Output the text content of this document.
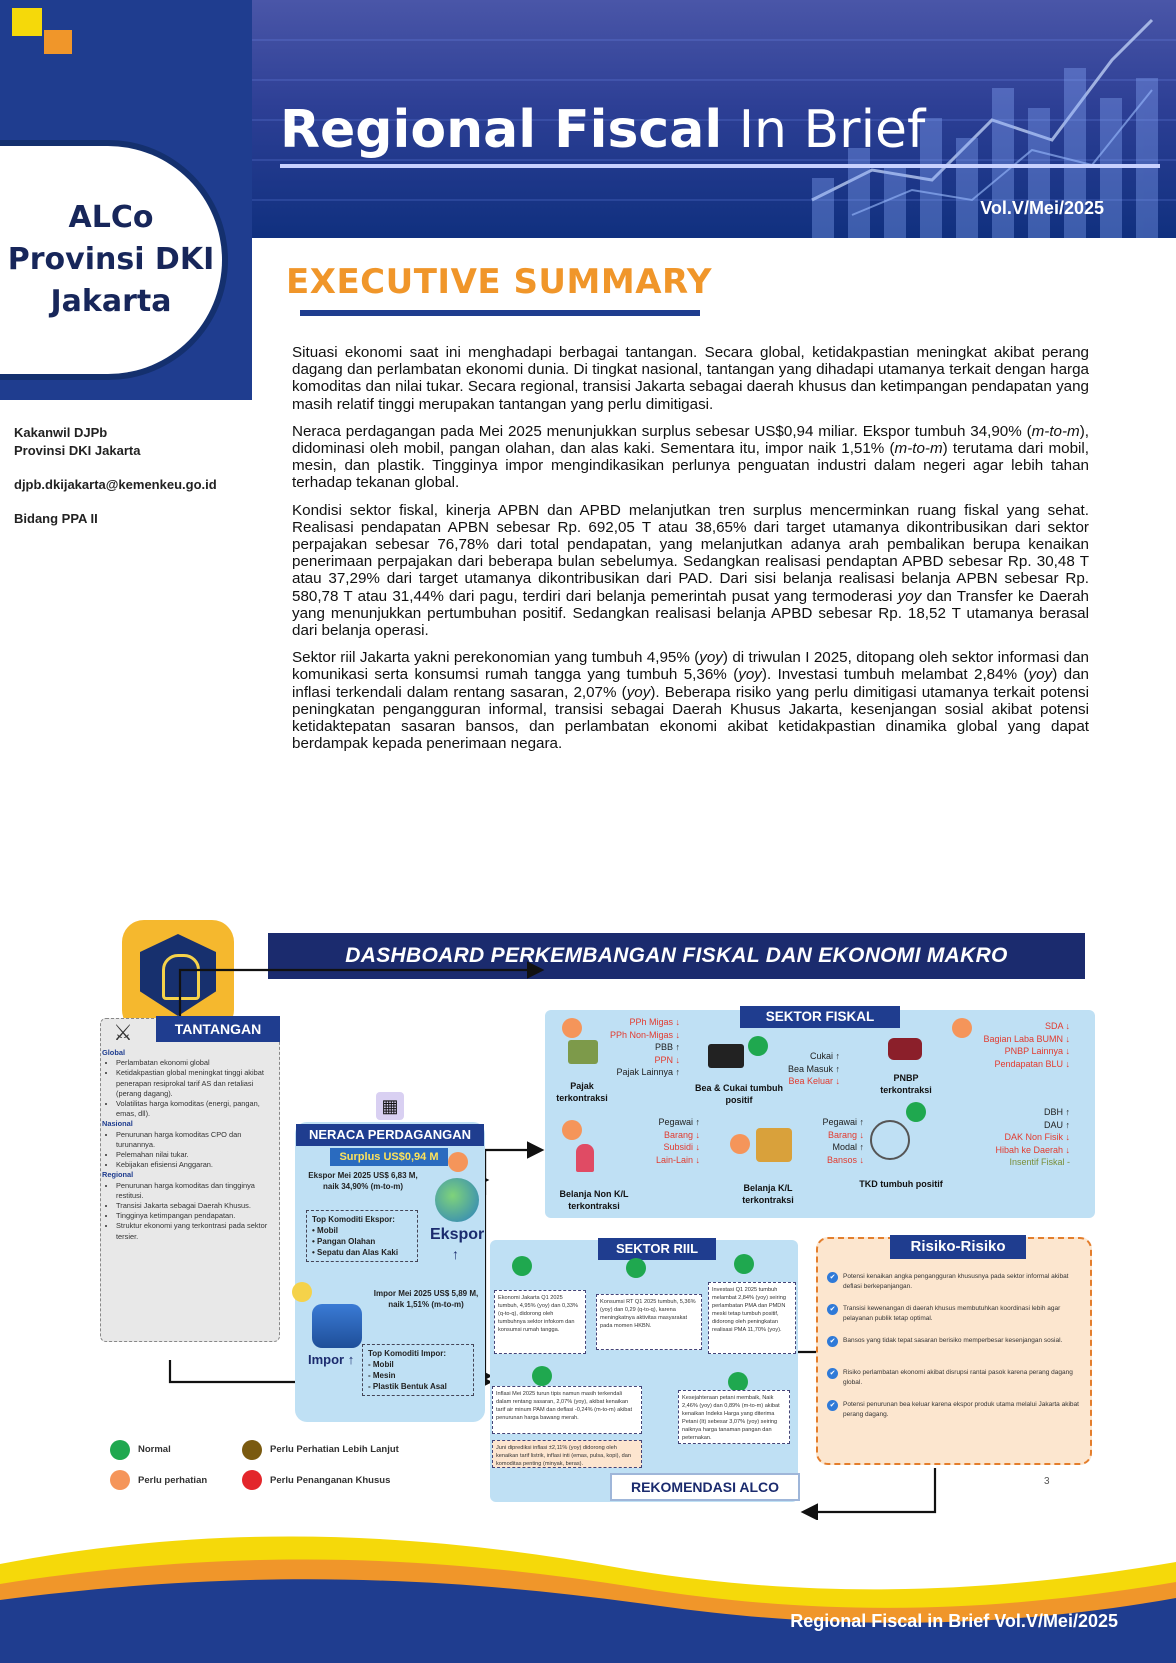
Regional Fiscal In Brief
Vol.V/Mei/2025
ALCo
Provinsi DKI
Jakarta	EXECUTIVE SUMMARY

Kakanwil DJPb
Provinsi DKI Jakarta

djpb.dkijakarta@kemenkeu.go.id

Bidang PPA II

Situasi ekonomi saat ini menghadapi berbagai tantangan. Secara global, ketidakpastian meningkat akibat perang dagang dan perlambatan ekonomi dunia. Di tingkat nasional, tantangan yang dihadapi utamanya terkait dengan harga komoditas dan nilai tukar. Secara regional, transisi Jakarta sebagai daerah khusus dan ketimpangan pendapatan yang masih relatif tinggi merupakan tantangan yang perlu dimitigasi.

Neraca perdagangan pada Mei 2025 menunjukkan surplus sebesar US$0,94 miliar. Ekspor tumbuh 34,90% (m-to-m), didominasi oleh mobil, pangan olahan, dan alas kaki. Sementara itu, impor naik 1,51% (m-to-m) terutama dari mobil, mesin, dan plastik. Tingginya impor mengindikasikan perlunya penguatan industri dalam negeri agar lebih tahan terhadap tekanan global.

Kondisi sektor fiskal, kinerja APBN dan APBD melanjutkan tren surplus mencerminkan ruang fiskal yang sehat. Realisasi pendapatan APBN sebesar Rp. 692,05 T atau 38,65% dari target utamanya dikontribusikan dari sektor perpajakan sebesar 76,78% dari total pendapatan, yang melanjutkan adanya arah pembalikan berupa kenaikan penerimaan perpajakan dari beberapa bulan sebelumya. Sedangkan realisasi pendaptan APBD sebesar Rp. 30,48 T atau 37,29% dari target utamanya dikontribusikan dari PAD. Dari sisi belanja realisasi belanja APBN sebesar Rp. 580,78 T atau 31,44% dari pagu, terdiri dari belanja pemerintah pusat yang termoderasi yoy dan Transfer ke Daerah yang menunjukkan pertumbuhan positif. Sedangkan realisasi belanja APBD sebesar Rp. 18,52 T utamanya berasal dari belanja operasi.

Sektor riil Jakarta yakni perekonomian yang tumbuh 4,95% (yoy) di triwulan I 2025, ditopang oleh sektor informasi dan komunikasi serta konsumsi rumah tangga yang tumbuh 5,36% (yoy). Investasi tumbuh melambat 2,84% (yoy) dan inflasi terkendali dalam rentang sasaran, 2,07% (yoy). Beberapa risiko yang perlu dimitigasi utamanya terkait potensi peningkatan pengangguran informal, transisi sebagai Daerah Khusus Jakarta, kesenjangan sosial akibat potensi ketidaktepatan sasaran bansos, dan perlambatan ekonomi akibat ketidakpastian dinamika global yang dapat berdampak kepada penerimaan negara.

DASHBOARD PERKEMBANGAN FISKAL DAN EKONOMI MAKRO
⚔	TANTANGAN
Global
• Perlambatan ekonomi global
• Ketidakpastian global meningkat tinggi akibat penerapan resiprokal tarif AS dan retaliasi (perang dagang).
• Volatilitas harga komoditas (energi, pangan, emas, dll).
Nasional
• Penurunan harga komoditas CPO dan turunannya.
• Pelemahan nilai tukar.
• Kebijakan efisiensi Anggaran.
Regional
• Penurunan harga komoditas dan tingginya restitusi.
• Transisi Jakarta sebagai Daerah Khusus.
• Tingginya ketimpangan pendapatan.
• Struktur ekonomi yang terkontrasi pada sektor tersier.
▦
NERACA PERDAGANGAN
Surplus US$0,94 M
Ekspor Mei 2025 US$ 6,83 M, naik 34,90% (m-to-m)
Top Komoditi Ekspor:
• Mobil
• Pangan Olahan
• Sepatu dan Alas Kaki
Ekspor
↑
Impor Mei 2025 US$ 5,89 M, naik 1,51% (m-to-m)
Impor ↑ Top Komoditi Impor:
- Mobil
- Mesin
- Plastik Bentuk Asal
SEKTOR FISKAL
PPh Migas ↓
PPh Non-Migas ↓
PBB ↑
PPN ↓
Pajak Lainnya ↑
Pajak terkontraksi
Bea & Cukai tumbuh positif
Cukai ↑
Bea Masuk ↑
Bea Keluar ↓	PNBP terkontraksi
SDA ↓
Bagian Laba BUMN ↓
PNBP Lainnya ↓
Pendapatan BLU ↓
Belanja Non K/L terkontraksi
Pegawai ↑
Barang ↓
Subsidi ↓
Lain-Lain ↓
Belanja K/L terkontraksi
Pegawai ↑
Barang ↓
Modal ↑
Bansos ↓
TKD tumbuh positif
DBH ↑
DAU ↑
DAK Non Fisik ↓
Hibah ke Daerah ↓
Insentif Fiskal -
SEKTOR RIIL
Ekonomi Jakarta Q1 2025 tumbuh, 4,95% (yoy) dan 0,33% (q-to-q), didorong oleh tumbuhnya sektor infokom dan konsumsi rumah tangga.
Konsumsi RT Q1 2025 tumbuh, 5,36% (yoy) dan 0,29 (q-to-q), karena meningkatnya aktivitas masyarakat pada momen HKBN.
Investasi Q1 2025 tumbuh melambat 2,84% (yoy) seiring perlambatan PMA dan PMDN meski tetap tumbuh positif, didorong oleh peningkatan realisasi PMA 11,70% (yoy).
Inflasi Mei 2025 turun tipis namun masih terkendali dalam rentang sasaran, 2,07% (yoy), akibat kenaikan tarif air minum PAM dan deflasi -0,24% (m-to-m) akibat penurunan harga bawang merah.
Kesejahteraan petani membaik, Naik 2,46% (yoy) dan 0,89% (m-to-m) akibat kenaikan Indeks Harga yang diterima Petani (It) sebesar 3,07% (yoy) seiring naiknya harga tanaman pangan dan peternakan.
Juni diprediksi inflasi ±2,11% (yoy) didorong oleh kenaikan tarif listrik, inflasi inti (emas, pulsa, kopi), dan komoditas penting (minyak, beras).
Risiko-Risiko
✔ Potensi kenaikan angka pengangguran khususnya pada sektor informal akibat deflasi berkepanjangan.
✔ Transisi kewenangan di daerah khusus membutuhkan koordinasi lebih agar pelayanan publik tetap optimal.
✔ Bansos yang tidak tepat sasaran berisiko memperbesar kesenjangan sosial.
✔ Risiko perlambatan ekonomi akibat disrupsi rantai pasok karena perang dagang global.
✔ Potensi penurunan bea keluar karena ekspor produk utama melalui Jakarta akibat perang dagang.
REKOMENDASI ALCO	3
Normal
Perlu perhatian
Perlu Perhatian Lebih Lanjut
Perlu Penanganan Khusus
Regional Fiscal in Brief Vol.V/Mei/2025
